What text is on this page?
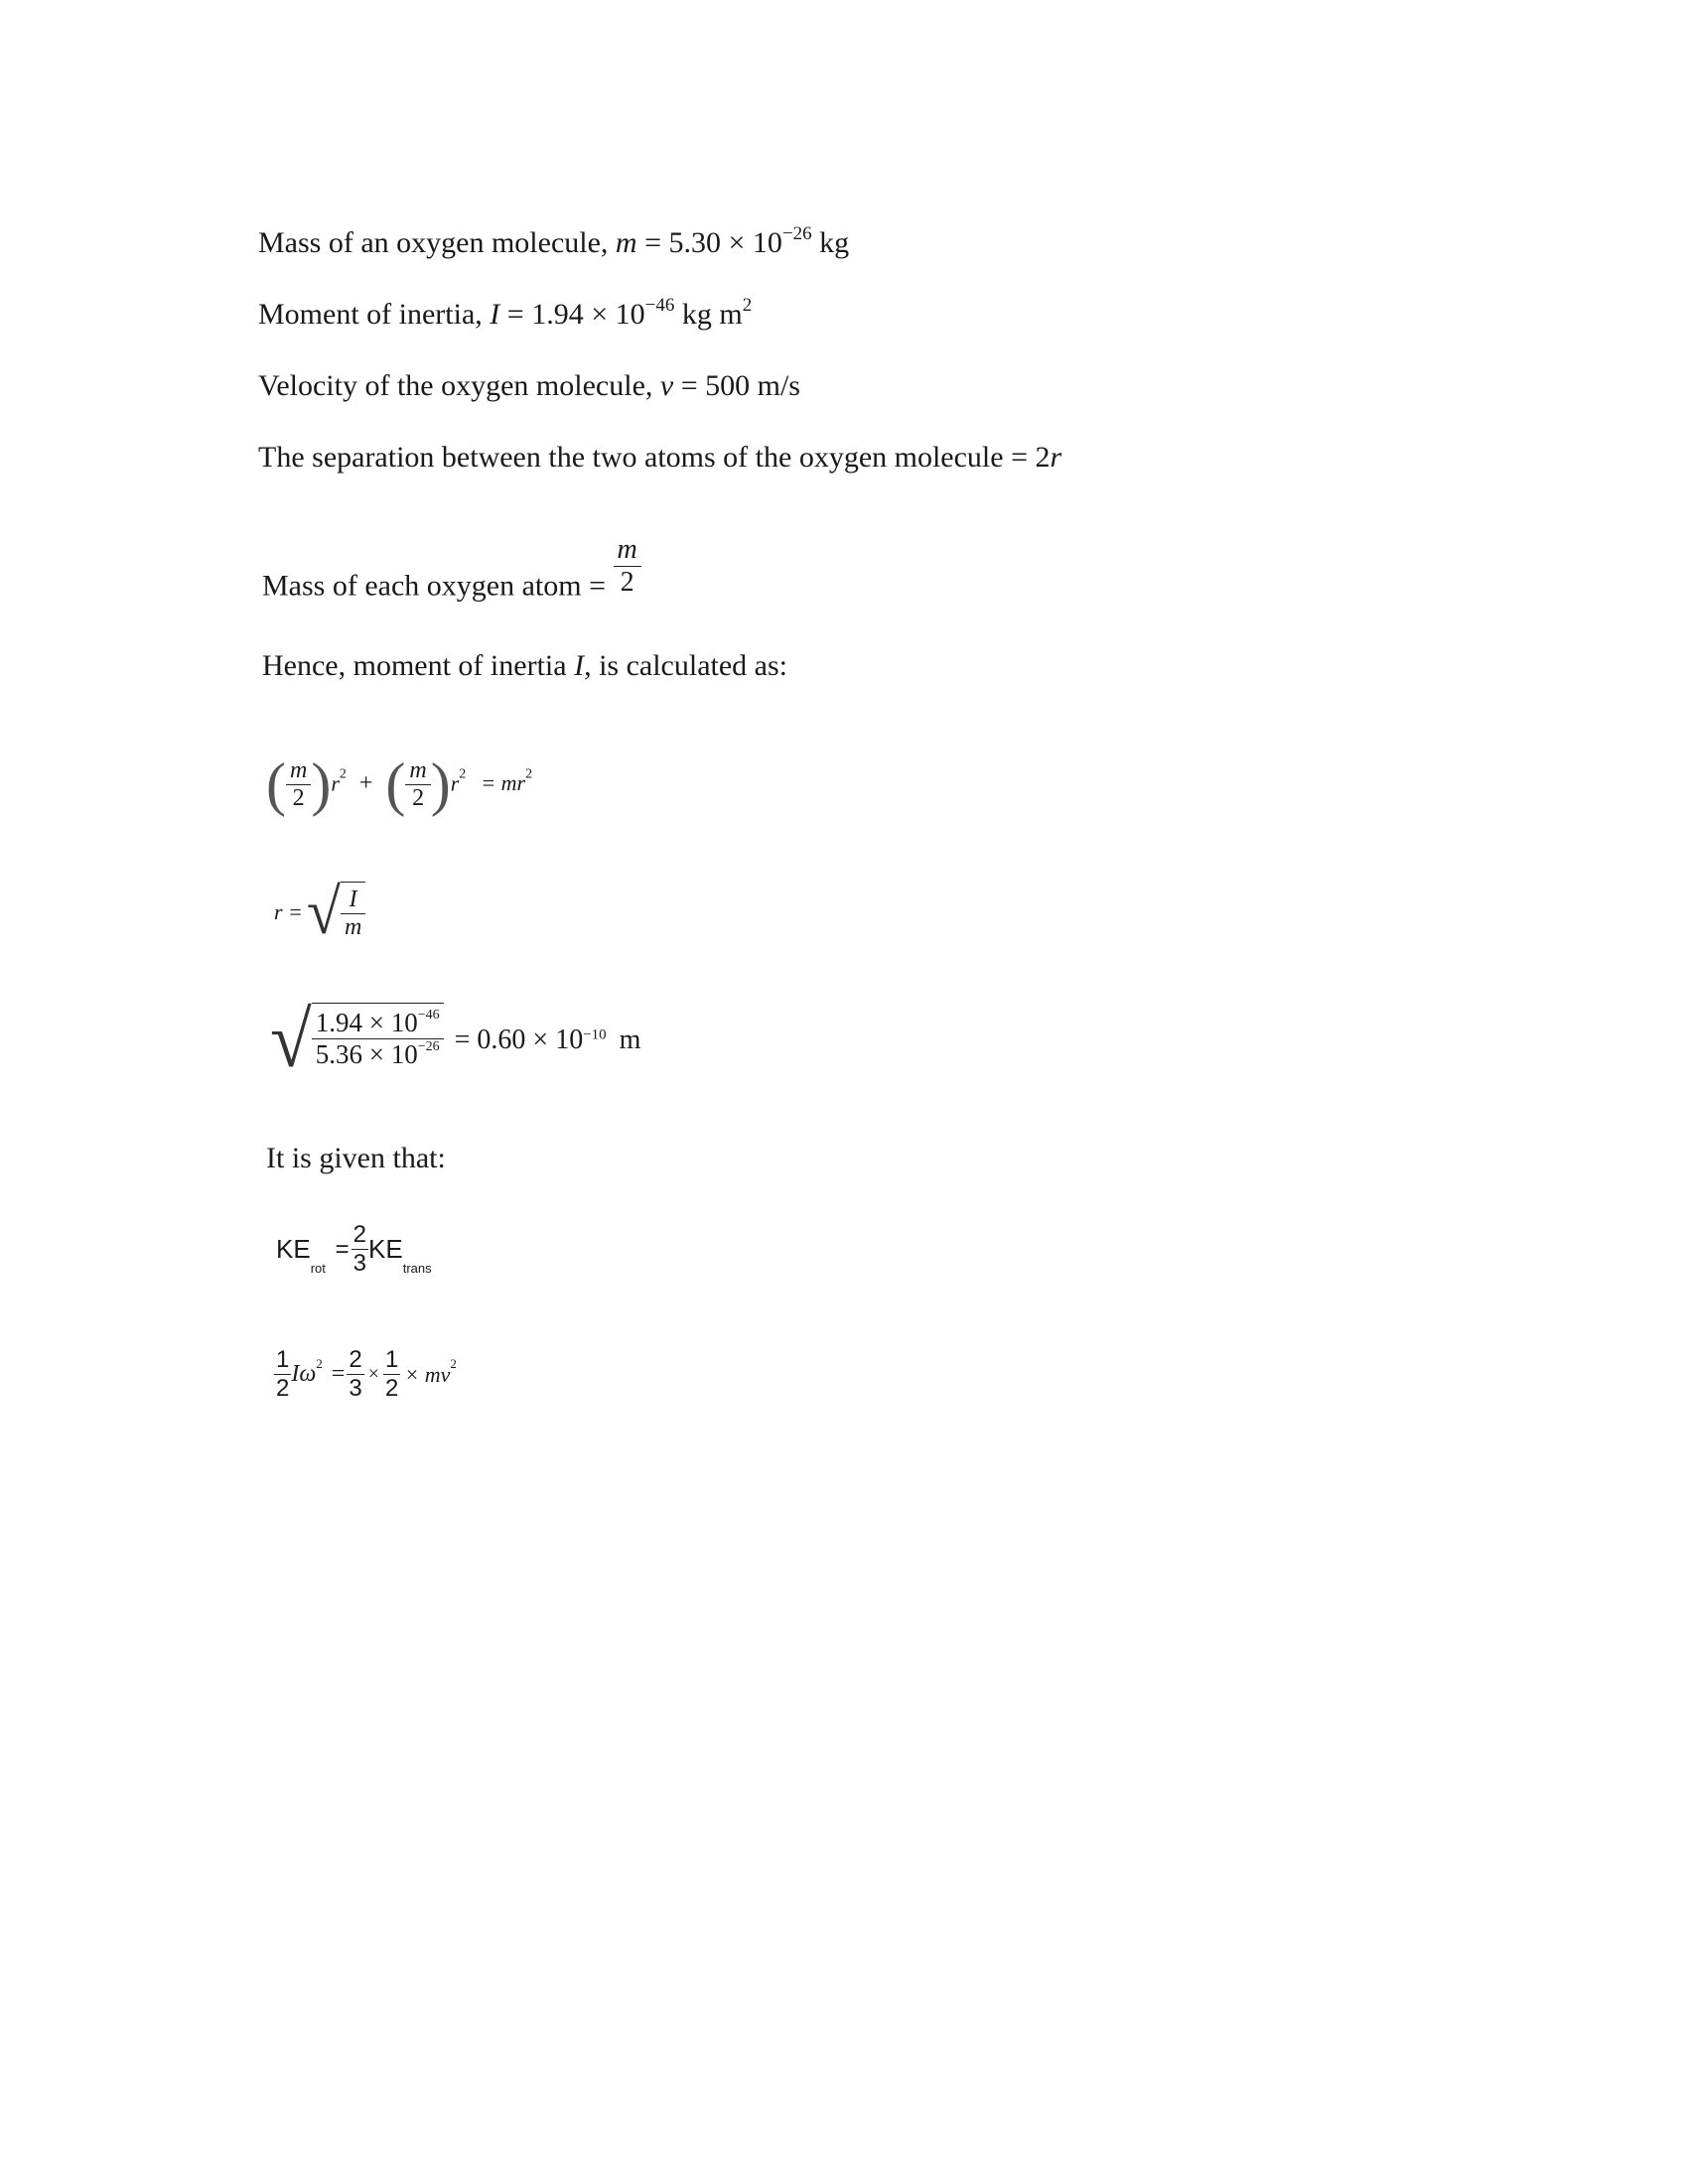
Mass of an oxygen molecule, $m = 5.30 \times 10^{-26}$ kg
Moment of inertia, $I = 1.94 \times 10^{-46}$ kg $m^2$
Velocity of the oxygen molecule, v = 500 m/s
The separation between the two atoms of the oxygen molecule = 2r
Mass of each oxygen atom = $\frac{m}{2}$
Hence, moment of inertia I, is calculated as:
( $\frac{m}{2} )r^2$ + ( $\frac{m}{2} )r^2 = mr^2$
r = √ $\frac{I}{m}$
√ $\frac{1.94 \times 10^{-46}}{5.36 \times 10^{-26}} = 0.60 \times 10^{-10}$ m
It is given that:
$KE_{rot} = \frac{2}{3} KE_{trans}$
$\frac{1}{2} I\omega^2 = \frac{2}{3} \times \frac{1}{2} \times mv^2$
